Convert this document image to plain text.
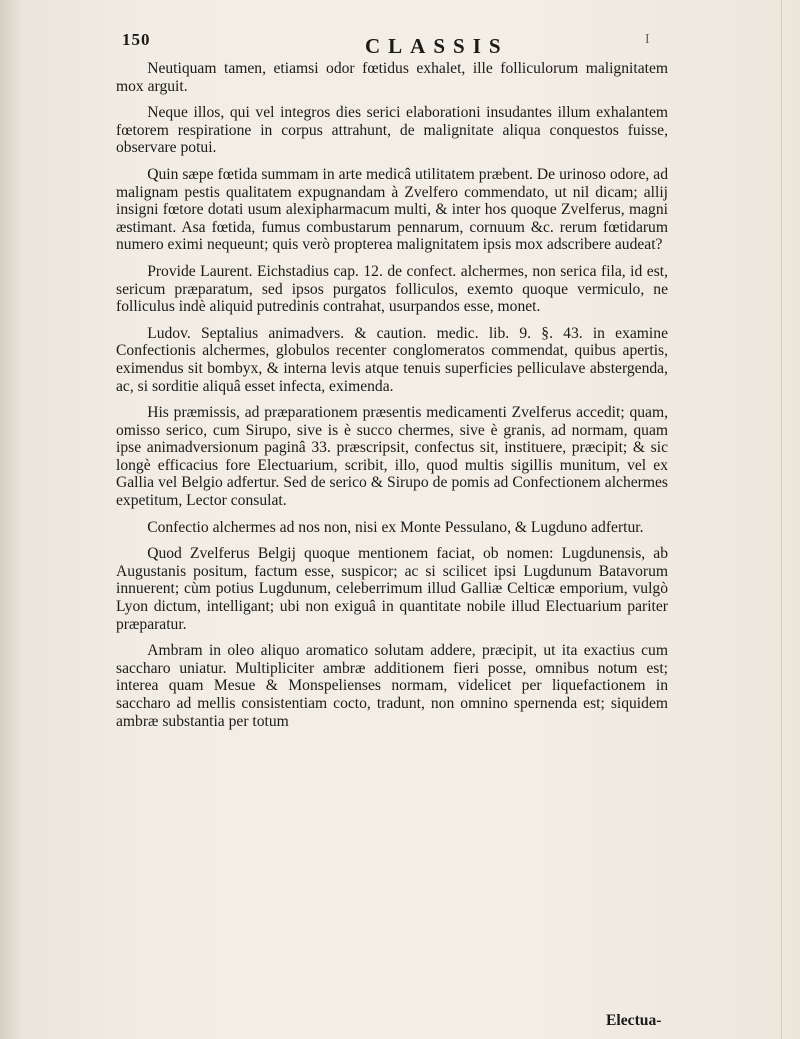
150	CLASSIS	I

Neutiquam tamen, etiamsi odor fœtidus exhalet, ille folliculorum malignitatem mox arguit.

Neque illos, qui vel integros dies serici elaborationi insudantes illum exhalantem fœtorem respiratione in corpus attrahunt, de malignitate aliqua conquestos fuisse, observare potui.

Quin sæpe fœtida summam in arte medicâ utilitatem præbent. De urinoso odore, ad malignam pestis qualitatem expugnandam à Zvelfero commendato, ut nil dicam; allij insigni fœtore dotati usum alexipharmacum multi, & inter hos quoque Zvelferus, magni æstimant. Asa fœtida, fumus combustarum pennarum, cornuum &c. rerum fœtidarum numero eximi nequeunt; quis verò propterea malignitatem ipsis mox adscribere audeat?

Provide Laurent. Eichstadius cap. 12. de confect. alchermes, non serica fila, id est, sericum præparatum, sed ipsos purgatos folliculos, exemto quoque vermiculo, ne folliculus indè aliquid putredinis contrahat, usurpandos esse, monet.

Ludov. Septalius animadvers. & caution. medic. lib. 9. §. 43. in examine Confectionis alchermes, globulos recenter conglomeratos commendat, quibus apertis, eximendus sit bombyx, & interna levis atque tenuis superficies pelliculave abstergenda, ac, si sorditie aliquâ esset infecta, eximenda.

His præmissis, ad præparationem præsentis medicamenti Zvelferus accedit; quam, omisso serico, cum Sirupo, sive is è succo chermes, sive è granis, ad normam, quam ipse animadversionum paginâ 33. præscripsit, confectus sit, instituere, præcipit; & sic longè efficacius fore Electuarium, scribit, illo, quod multis sigillis munitum, vel ex Gallia vel Belgio adfertur. Sed de serico & Sirupo de pomis ad Confectionem alchermes expetitum, Lector consulat.

Confectio alchermes ad nos non, nisi ex Monte Pessulano, & Lugduno adfertur.

Quod Zvelferus Belgij quoque mentionem faciat, ob nomen: Lugdunensis, ab Augustanis positum, factum esse, suspicor; ac si scilicet ipsi Lugdunum Batavorum innuerent; cùm potius Lugdunum, celeberrimum illud Galliæ Celticæ emporium, vulgò Lyon dictum, intelligant; ubi non exiguâ in quantitate nobile illud Electuarium pariter præparatur.

Ambram in oleo aliquo aromatico solutam addere, præcipit, ut ita exactius cum saccharo uniatur. Multipliciter ambræ additionem fieri posse, omnibus notum est; interea quam Mesue & Monspelienses normam, videlicet per liquefactionem in saccharo ad mellis consistentiam cocto, tradunt, non omnino spernenda est; siquidem ambræ substantia per totum

Electua-
